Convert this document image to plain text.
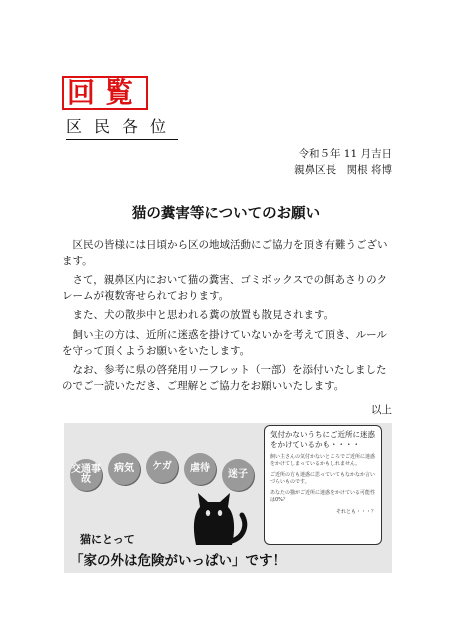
回覧
区民各位
令和５年 11 月吉日
親鼻区長　関根 将博
猫の糞害等についてのお願い

区民の皆様には日頃から区の地域活動にご協力を頂き有難うございます。

さて，親鼻区内において猫の糞害、ゴミボックスでの餌あさりのクレームが複数寄せられております。

また、犬の散歩中と思われる糞の放置も散見されます。

飼い主の方は、近所に迷惑を掛けていないかを考えて頂き、ルールを守って頂くようお願いをいたします。

なお、参考に県の啓発用リーフレット（一部）を添付いたしましたのでご一読いただき、ご理解とご協力をお願いいたします。

以上
交通事故
病気	ケガ	虐待
迷子
気付かないうちにご近所に迷惑をかけているかも・・・・
飼い主さんの気付かないところでご近所に迷惑をかけてしまっているかもしれません。
ご近所の方も迷惑に思っていてもなかなか言いづらいものです。
あなたの猫がご近所に迷惑をかけている可能性は0%？
それとも・・・？
猫にとって
「家の外は危険がいっぱい」です！
